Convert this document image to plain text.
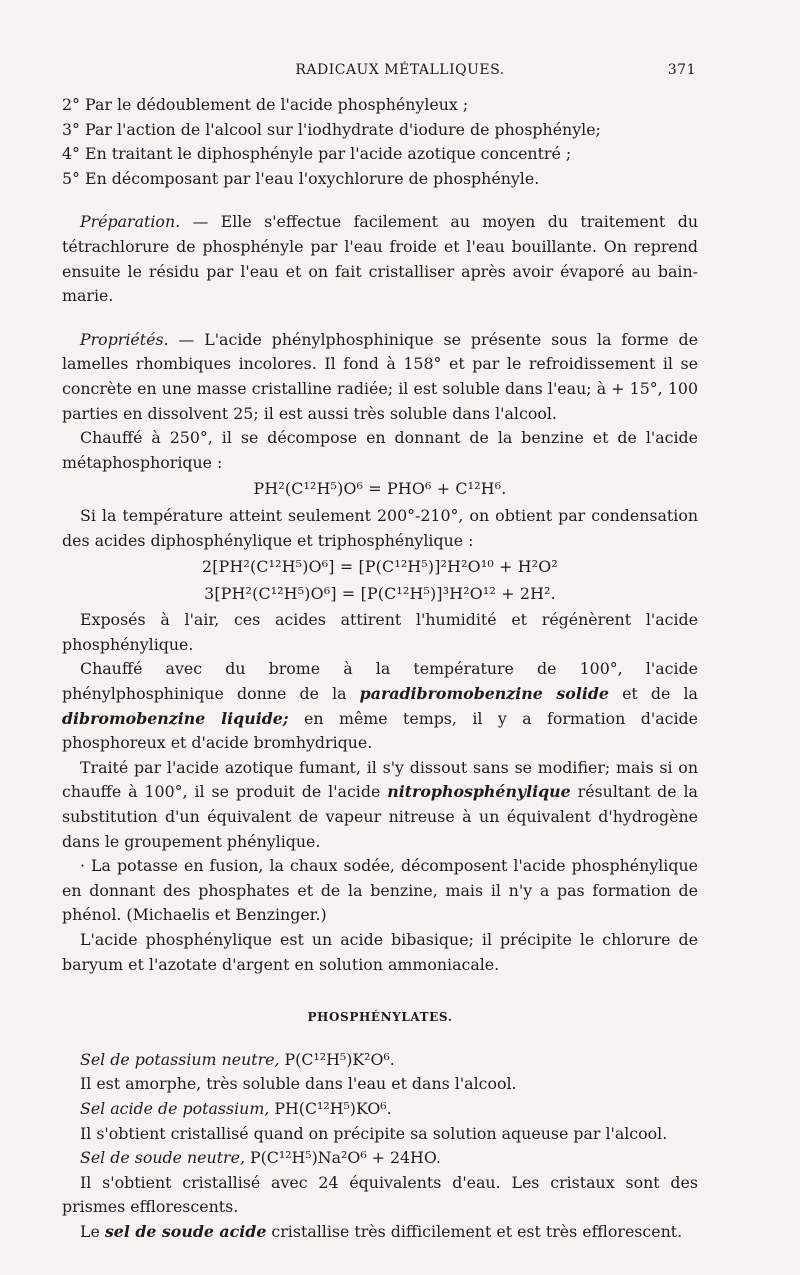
RADICAUX MÉTALLIQUES.	371
2° Par le dédoublement de l'acide phosphényleux ;
3° Par l'action de l'alcool sur l'iodhydrate d'iodure de phosphényle;
4° En traitant le diphosphényle par l'acide azotique concentré ;
5° En décomposant par l'eau l'oxychlorure de phosphényle.

Préparation. — Elle s'effectue facilement au moyen du traitement du tétrachlorure de phosphényle par l'eau froide et l'eau bouillante. On reprend ensuite le résidu par l'eau et on fait cristalliser après avoir évaporé au bain-marie.

Propriétés. — L'acide phénylphosphinique se présente sous la forme de lamelles rhombiques incolores. Il fond à 158° et par le refroidissement il se concrète en une masse cristalline radiée; il est soluble dans l'eau; à + 15°, 100 parties en dissolvent 25; il est aussi très soluble dans l'alcool.

Chauffé à 250°, il se décompose en donnant de la benzine et de l'acide métaphosphorique :

PH²(C¹²H⁵)O⁶ = PHO⁶ + C¹²H⁶.

Si la température atteint seulement 200°-210°, on obtient par condensation des acides diphosphénylique et triphosphénylique :

2[PH²(C¹²H⁵)O⁶] = [P(C¹²H⁵)]²H²O¹⁰ + H²O²
3[PH²(C¹²H⁵)O⁶] = [P(C¹²H⁵)]³H²O¹² + 2H².

Exposés à l'air, ces acides attirent l'humidité et régénèrent l'acide phosphénylique.

Chauffé avec du brome à la température de 100°, l'acide phénylphosphinique donne de la paradibromobenzine solide et de la dibromobenzine liquide; en même temps, il y a formation d'acide phosphoreux et d'acide bromhydrique.

Traité par l'acide azotique fumant, il s'y dissout sans se modifier; mais si on chauffe à 100°, il se produit de l'acide nitrophosphénylique résultant de la substitution d'un équivalent de vapeur nitreuse à un équivalent d'hydrogène dans le groupement phénylique.

· La potasse en fusion, la chaux sodée, décomposent l'acide phosphénylique en donnant des phosphates et de la benzine, mais il n'y a pas formation de phénol. (Michaelis et Benzinger.)

L'acide phosphénylique est un acide bibasique; il précipite le chlorure de baryum et l'azotate d'argent en solution ammoniacale.

PHOSPHÉNYLATES.

Sel de potassium neutre, P(C¹²H⁵)K²O⁶.

Il est amorphe, très soluble dans l'eau et dans l'alcool.

Sel acide de potassium, PH(C¹²H⁵)KO⁶.

Il s'obtient cristallisé quand on précipite sa solution aqueuse par l'alcool.

Sel de soude neutre, P(C¹²H⁵)Na²O⁶ + 24HO.

Il s'obtient cristallisé avec 24 équivalents d'eau. Les cristaux sont des prismes efflorescents.

Le sel de soude acide cristallise très difficilement et est très efflorescent.
